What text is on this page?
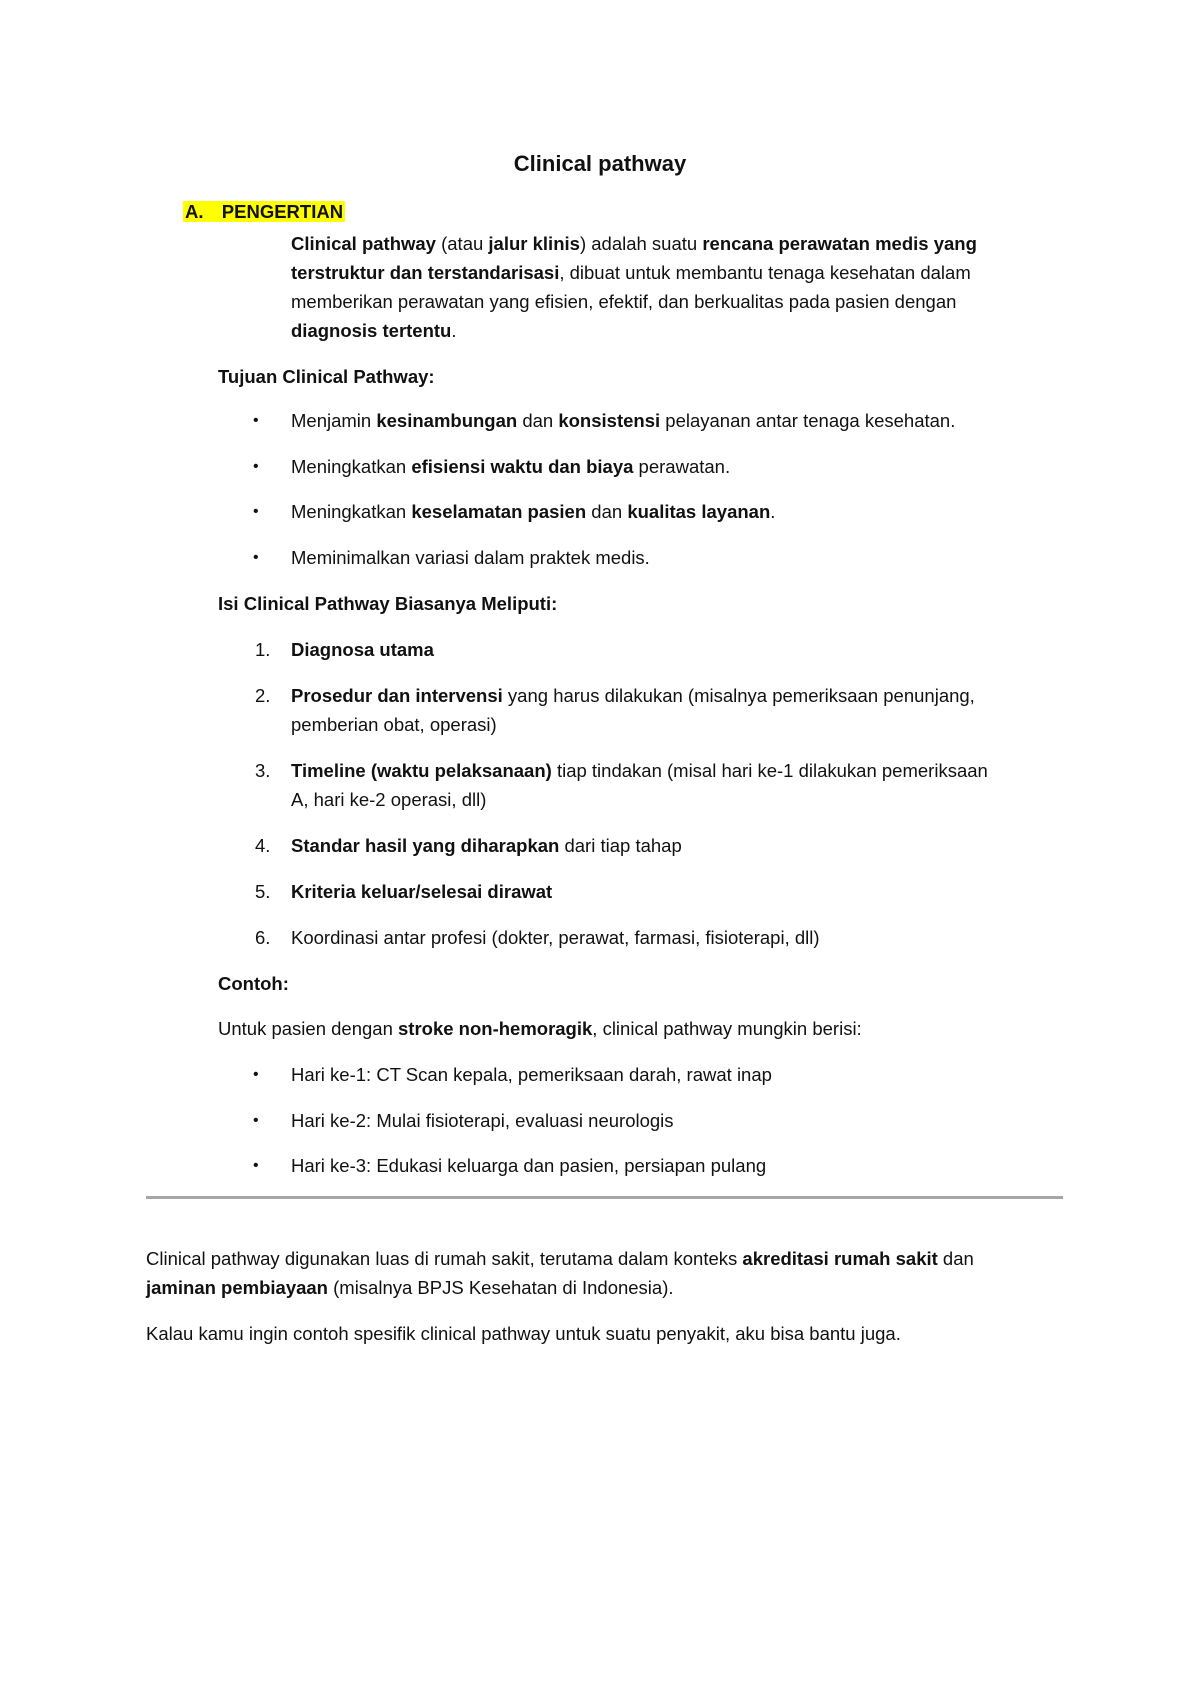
Clinical pathway
A. PENGERTIAN
Clinical pathway (atau jalur klinis) adalah suatu rencana perawatan medis yang
terstruktur dan terstandarisasi, dibuat untuk membantu tenaga kesehatan dalam
memberikan perawatan yang efisien, efektif, dan berkualitas pada pasien dengan
diagnosis tertentu.
Tujuan Clinical Pathway:
• Menjamin kesinambungan dan konsistensi pelayanan antar tenaga kesehatan.
• Meningkatkan efisiensi waktu dan biaya perawatan.
• Meningkatkan keselamatan pasien dan kualitas layanan.
• Meminimalkan variasi dalam praktek medis.
Isi Clinical Pathway Biasanya Meliputi:
1. Diagnosa utama
2. Prosedur dan intervensi yang harus dilakukan (misalnya pemeriksaan penunjang,
pemberian obat, operasi)
3. Timeline (waktu pelaksanaan) tiap tindakan (misal hari ke-1 dilakukan pemeriksaan
A, hari ke-2 operasi, dll)
4. Standar hasil yang diharapkan dari tiap tahap
5. Kriteria keluar/selesai dirawat
6. Koordinasi antar profesi (dokter, perawat, farmasi, fisioterapi, dll)
Contoh:
Untuk pasien dengan stroke non-hemoragik, clinical pathway mungkin berisi:
• Hari ke-1: CT Scan kepala, pemeriksaan darah, rawat inap
• Hari ke-2: Mulai fisioterapi, evaluasi neurologis
• Hari ke-3: Edukasi keluarga dan pasien, persiapan pulang
Clinical pathway digunakan luas di rumah sakit, terutama dalam konteks akreditasi rumah sakit dan
jaminan pembiayaan (misalnya BPJS Kesehatan di Indonesia).
Kalau kamu ingin contoh spesifik clinical pathway untuk suatu penyakit, aku bisa bantu juga.
